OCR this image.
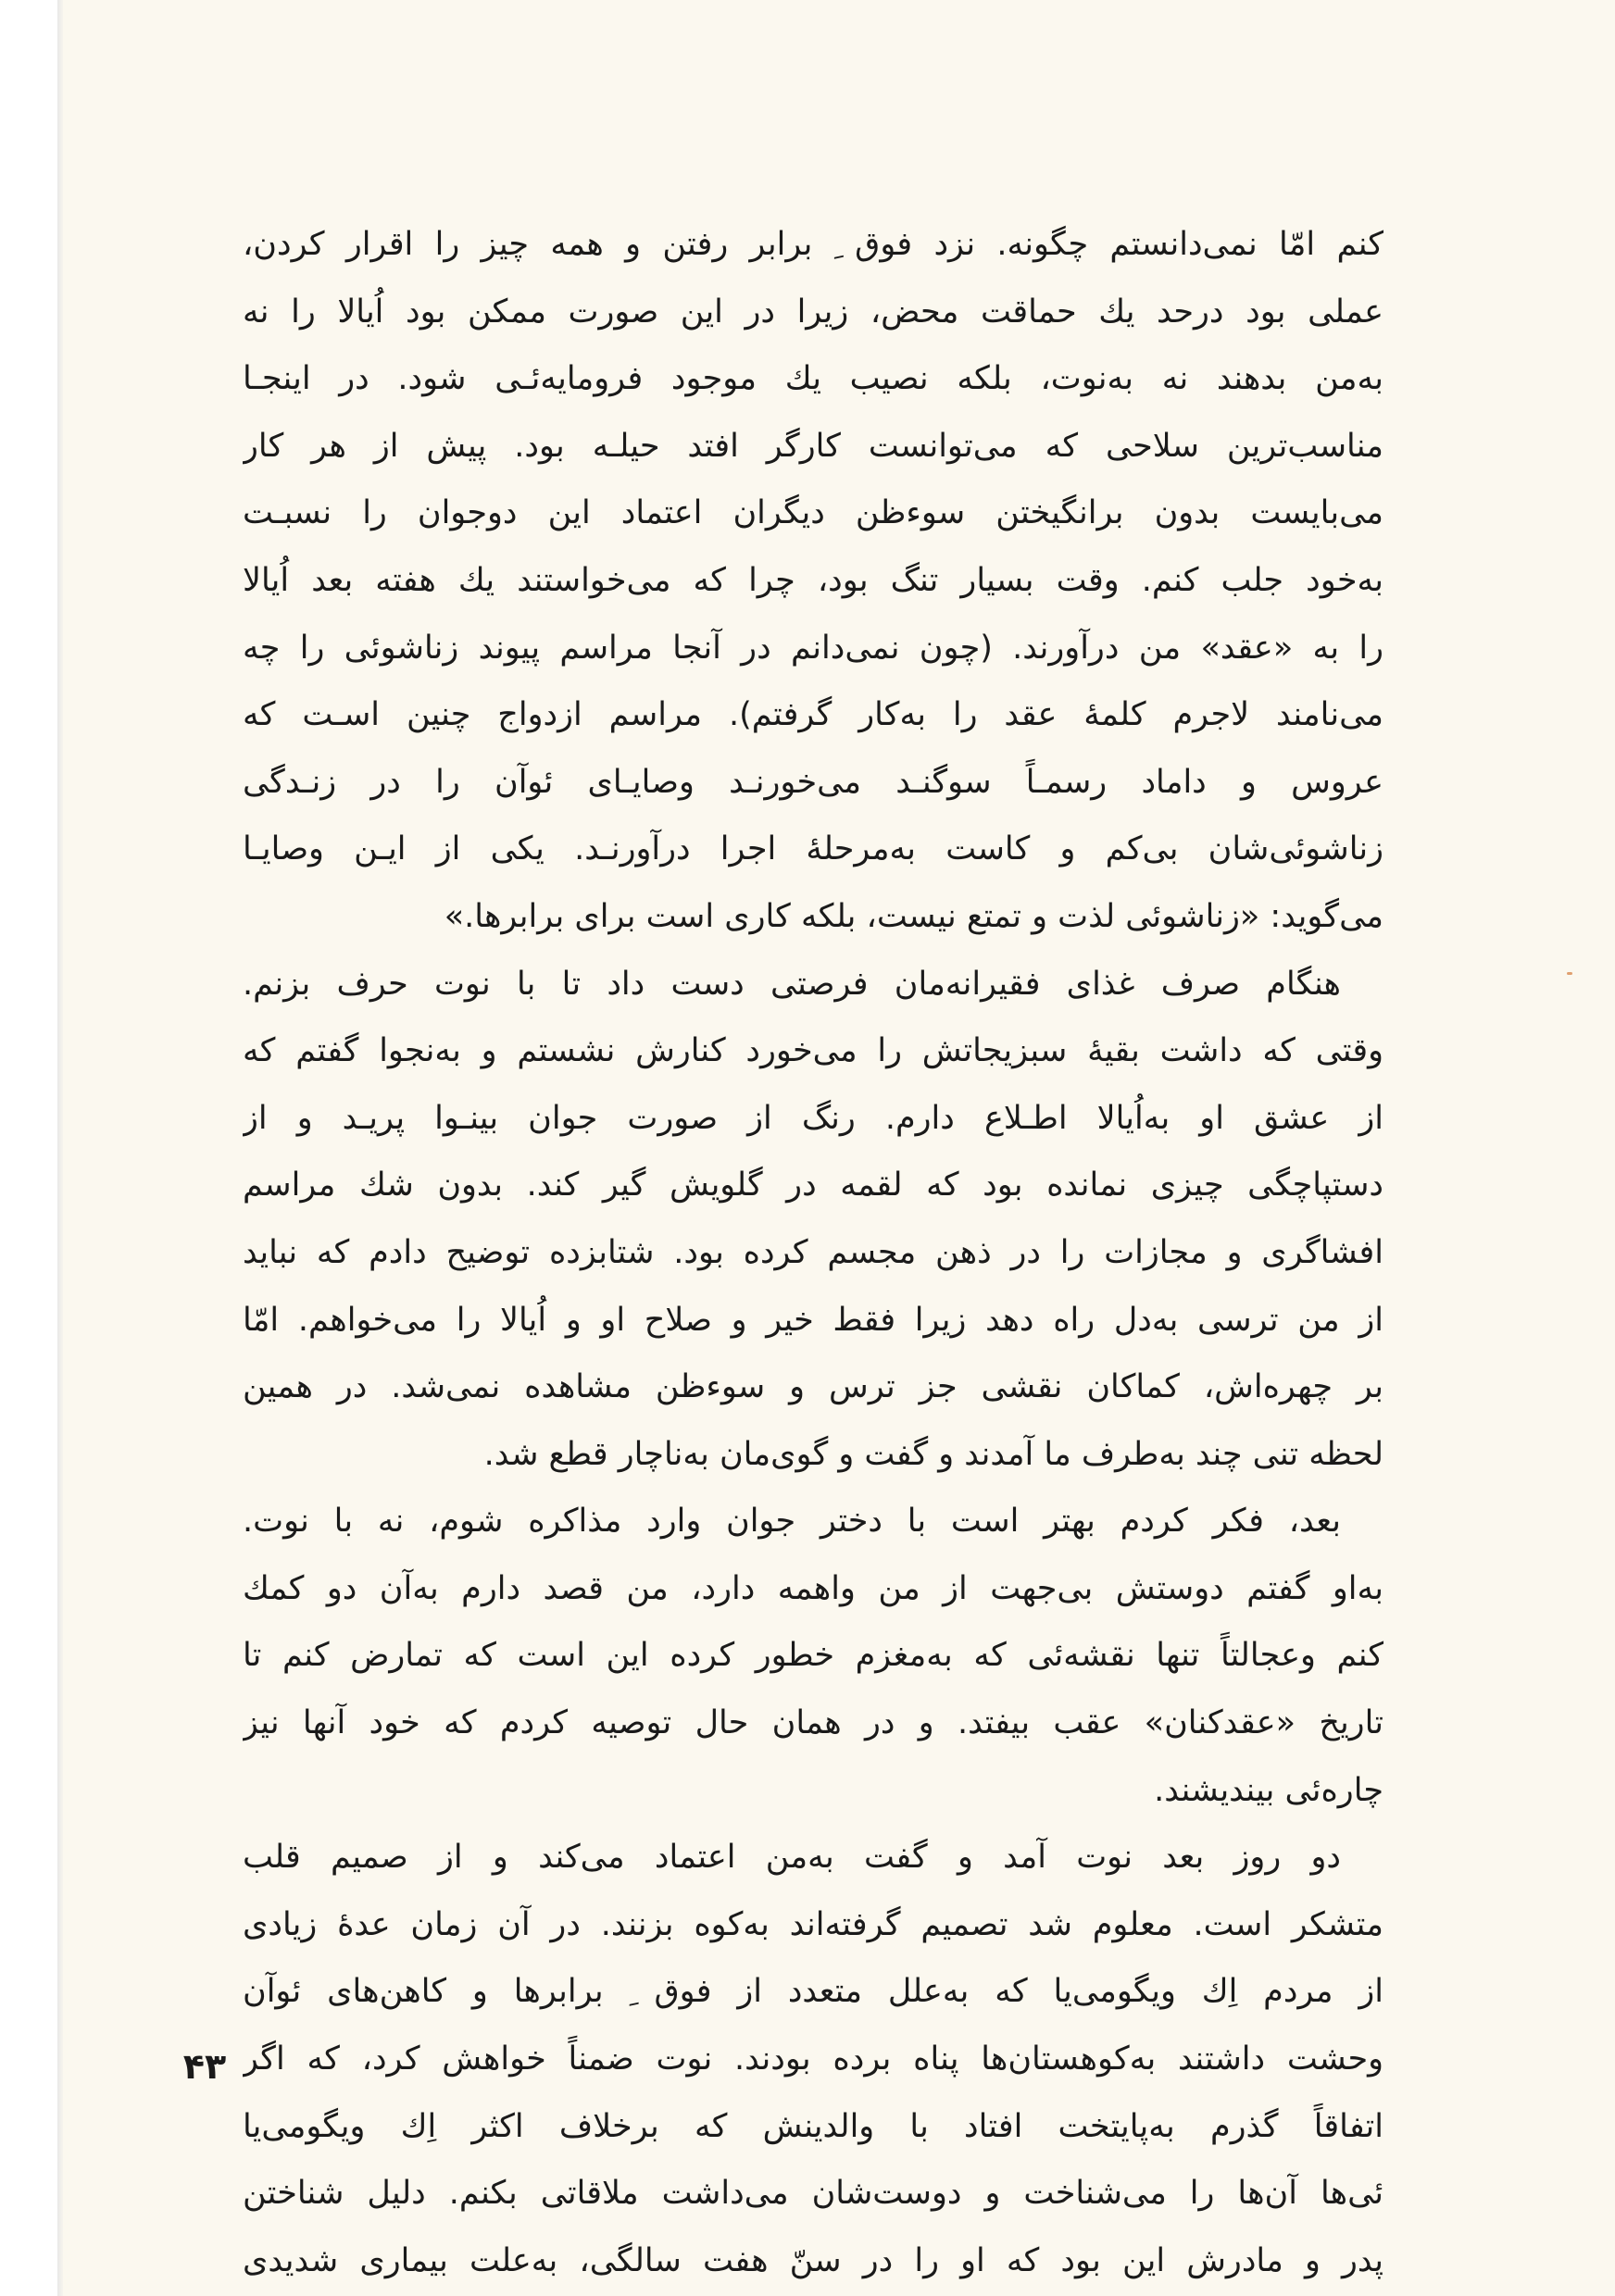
کنم امّا نمی‌دانستم چگونه. نزد فوق ِ برابر رفتن و همه چیز را اقرار کردن،
عملی بود درحد یك حماقت محض، زیرا در این صورت ممکن بود اُیالا را نه
به‌من بدهند نه به‌نوت، بلکه نصیب یك موجود فرومایه‌ئـی شود. در اینجـا
مناسب‌ترین سلاحی که می‌توانست کارگر افتد حیلـه بود. پیش از هر کار
می‌بایست بدون برانگیختن سوءظن دیگران اعتماد این دوجوان را نسبـت
به‌خود جلب کنم. وقت بسیار تنگ بود، چرا که می‌خواستند یك هفته بعد اُیالا
را به «عقد» من درآورند. (چون نمی‌دانم در آنجا مراسم پیوند زناشوئی را چه
می‌نامند لاجرم کلمهٔ عقد را به‌کار گرفتم). مراسم ازدواج چنین اسـت که
عروس و داماد رسمـاً سوگنـد می‌خورنـد وصایـای ئوآن را در زنـدگی
زناشوئی‌شان بی‌کم و کاست به‌مرحلهٔ اجرا درآورنـد. یکی از ایـن وصایـا
می‌گوید: «زناشوئی لذت و تمتع نیست، بلکه کاری است برای برابرها.»
هنگام صرف غذای فقیرانه‌مان فرصتی دست داد تا با نوت حرف بزنم.
وقتی که داشت بقیهٔ سبزیجاتش را می‌خورد کنارش نشستم و به‌نجوا گفتم که
از عشق او به‌اُیالا اطـلاع دارم. رنگ از صورت جوان بینـوا پریـد و از
دستپاچگی چیزی نمانده بود که لقمه در گلویش گیر کند. بدون شك مراسم
افشاگری و مجازات را در ذهن مجسم کرده بود. شتابزده توضیح دادم که نباید
از من ترسی به‌دل راه دهد زیرا فقط خیر و صلاح او و اُیالا را می‌خواهم. امّا
بر چهره‌اش، کماکان نقشی جز ترس و سوءظن مشاهده نمی‌شد. در همین
لحظه تنی چند به‌طرف ما آمدند و گفت و گوی‌مان به‌ناچار قطع شد.
بعد، فکر کردم بهتر است با دختر جوان وارد مذاکره شوم، نه با نوت.
به‌او گفتم دوستش بی‌جهت از من واهمه دارد، من قصد دارم به‌آن دو کمك
کنم وعجالتاً تنها نقشه‌ئی که به‌مغزم خطور کرده این است که تمارض کنم تا
تاریخ «عقدکنان» عقب بیفتد. و در همان حال توصیه کردم که خود آنها نیز
چاره‌ئی بیندیشند.
دو روز بعد نوت آمد و گفت به‌من اعتماد می‌کند و از صمیم قلب
متشکر است. معلوم شد تصمیم گرفته‌اند به‌کوه بزنند. در آن زمان عدهٔ زیادی
از مردم اِك ویگومی‌یا که به‌علل متعدد از فوق ِ برابرها و کاهن‌های ئوآن
وحشت داشتند به‌کوهستان‌ها پناه برده بودند. نوت ضمناً خواهش کرد، که اگر
اتفاقاً گذرم به‌پایتخت افتاد با والدینش که برخلاف اکثر اِك ویگومی‌یا
ئی‌ها آن‌ها را می‌شناخت و دوست‌شان می‌داشت ملاقاتی بکنم. دلیل شناختن
پدر و مادرش این بود که او را در سنّ هفت سالگی، به‌علت بیماری شدیدی
۴۳
